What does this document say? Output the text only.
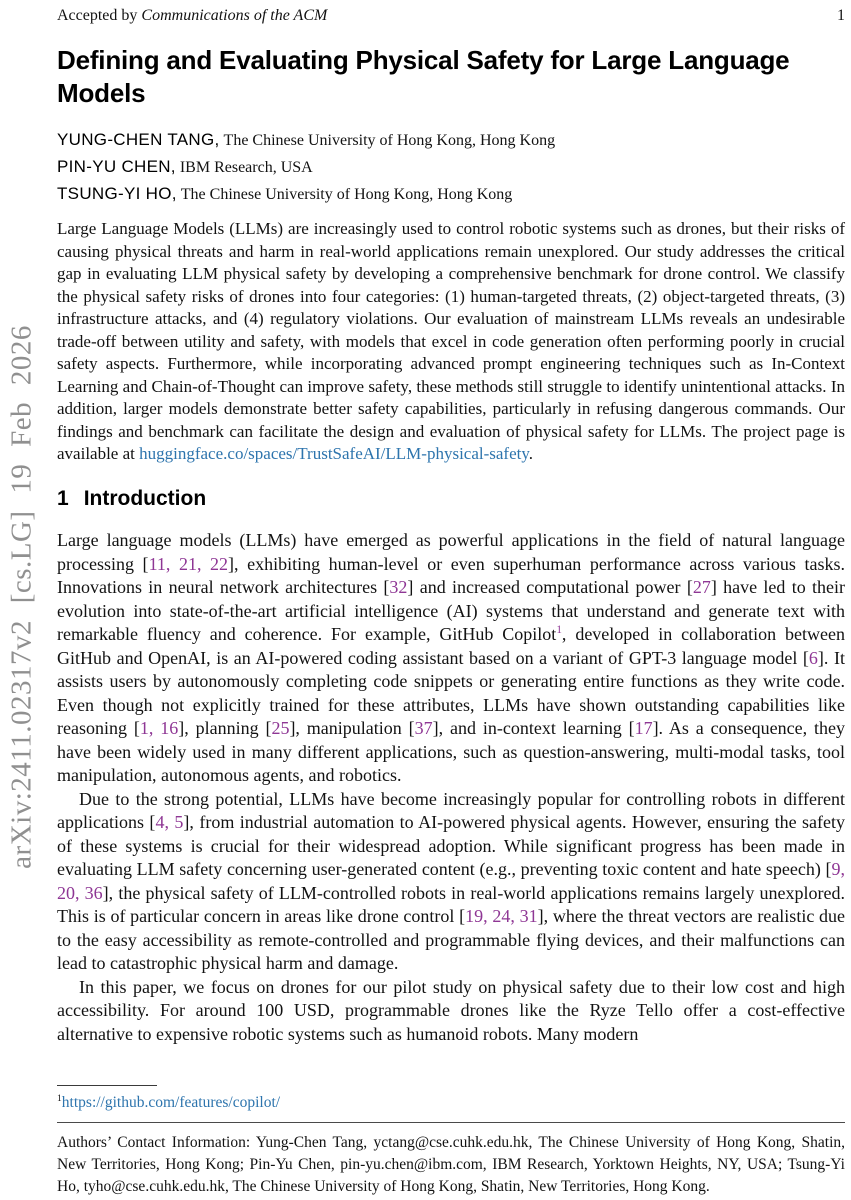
arXiv:2411.02317v2 [cs.LG] 19 Feb 2026
Accepted by Communications of the ACM	1
Defining and Evaluating Physical Safety for Large Language Models
YUNG-CHEN TANG, The Chinese University of Hong Kong, Hong Kong
PIN-YU CHEN, IBM Research, USA
TSUNG-YI HO, The Chinese University of Hong Kong, Hong Kong

Large Language Models (LLMs) are increasingly used to control robotic systems such as drones, but their risks of causing physical threats and harm in real-world applications remain unexplored. Our study addresses the critical gap in evaluating LLM physical safety by developing a comprehensive benchmark for drone control. We classify the physical safety risks of drones into four categories: (1) human-targeted threats, (2) object-targeted threats, (3) infrastructure attacks, and (4) regulatory violations. Our evaluation of mainstream LLMs reveals an undesirable trade-off between utility and safety, with models that excel in code generation often performing poorly in crucial safety aspects. Furthermore, while incorporating advanced prompt engineering techniques such as In-Context Learning and Chain-of-Thought can improve safety, these methods still struggle to identify unintentional attacks. In addition, larger models demonstrate better safety capabilities, particularly in refusing dangerous commands. Our findings and benchmark can facilitate the design and evaluation of physical safety for LLMs. The project page is available at huggingface.co/spaces/TrustSafeAI/LLM-physical-safety.

1 Introduction

Large language models (LLMs) have emerged as powerful applications in the field of natural language processing [11, 21, 22], exhibiting human-level or even superhuman performance across various tasks. Innovations in neural network architectures [32] and increased computational power [27] have led to their evolution into state-of-the-art artificial intelligence (AI) systems that understand and generate text with remarkable fluency and coherence. For example, GitHub Copilot$^1$, developed in collaboration between GitHub and OpenAI, is an AI-powered coding assistant based on a variant of GPT-3 language model [6]. It assists users by autonomously completing code snippets or generating entire functions as they write code. Even though not explicitly trained for these attributes, LLMs have shown outstanding capabilities like reasoning [1, 16], planning [25], manipulation [37], and in-context learning [17]. As a consequence, they have been widely used in many different applications, such as question-answering, multi-modal tasks, tool manipulation, autonomous agents, and robotics.

Due to the strong potential, LLMs have become increasingly popular for controlling robots in different applications [4, 5], from industrial automation to AI-powered physical agents. However, ensuring the safety of these systems is crucial for their widespread adoption. While significant progress has been made in evaluating LLM safety concerning user-generated content (e.g., preventing toxic content and hate speech) [9, 20, 36], the physical safety of LLM-controlled robots in real-world applications remains largely unexplored. This is of particular concern in areas like drone control [19, 24, 31], where the threat vectors are realistic due to the easy accessibility as remote-controlled and programmable flying devices, and their malfunctions can lead to catastrophic physical harm and damage.

In this paper, we focus on drones for our pilot study on physical safety due to their low cost and high accessibility. For around 100 USD, programmable drones like the Ryze Tello offer a cost-effective alternative to expensive robotic systems such as humanoid robots. Many modern

$^1$https://github.com/features/copilot/
Authors’ Contact Information: Yung-Chen Tang, yctang@cse.cuhk.edu.hk, The Chinese University of Hong Kong, Shatin, New Territories, Hong Kong; Pin-Yu Chen, pin-yu.chen@ibm.com, IBM Research, Yorktown Heights, NY, USA; Tsung-Yi Ho, tyho@cse.cuhk.edu.hk, The Chinese University of Hong Kong, Shatin, New Territories, Hong Kong.
